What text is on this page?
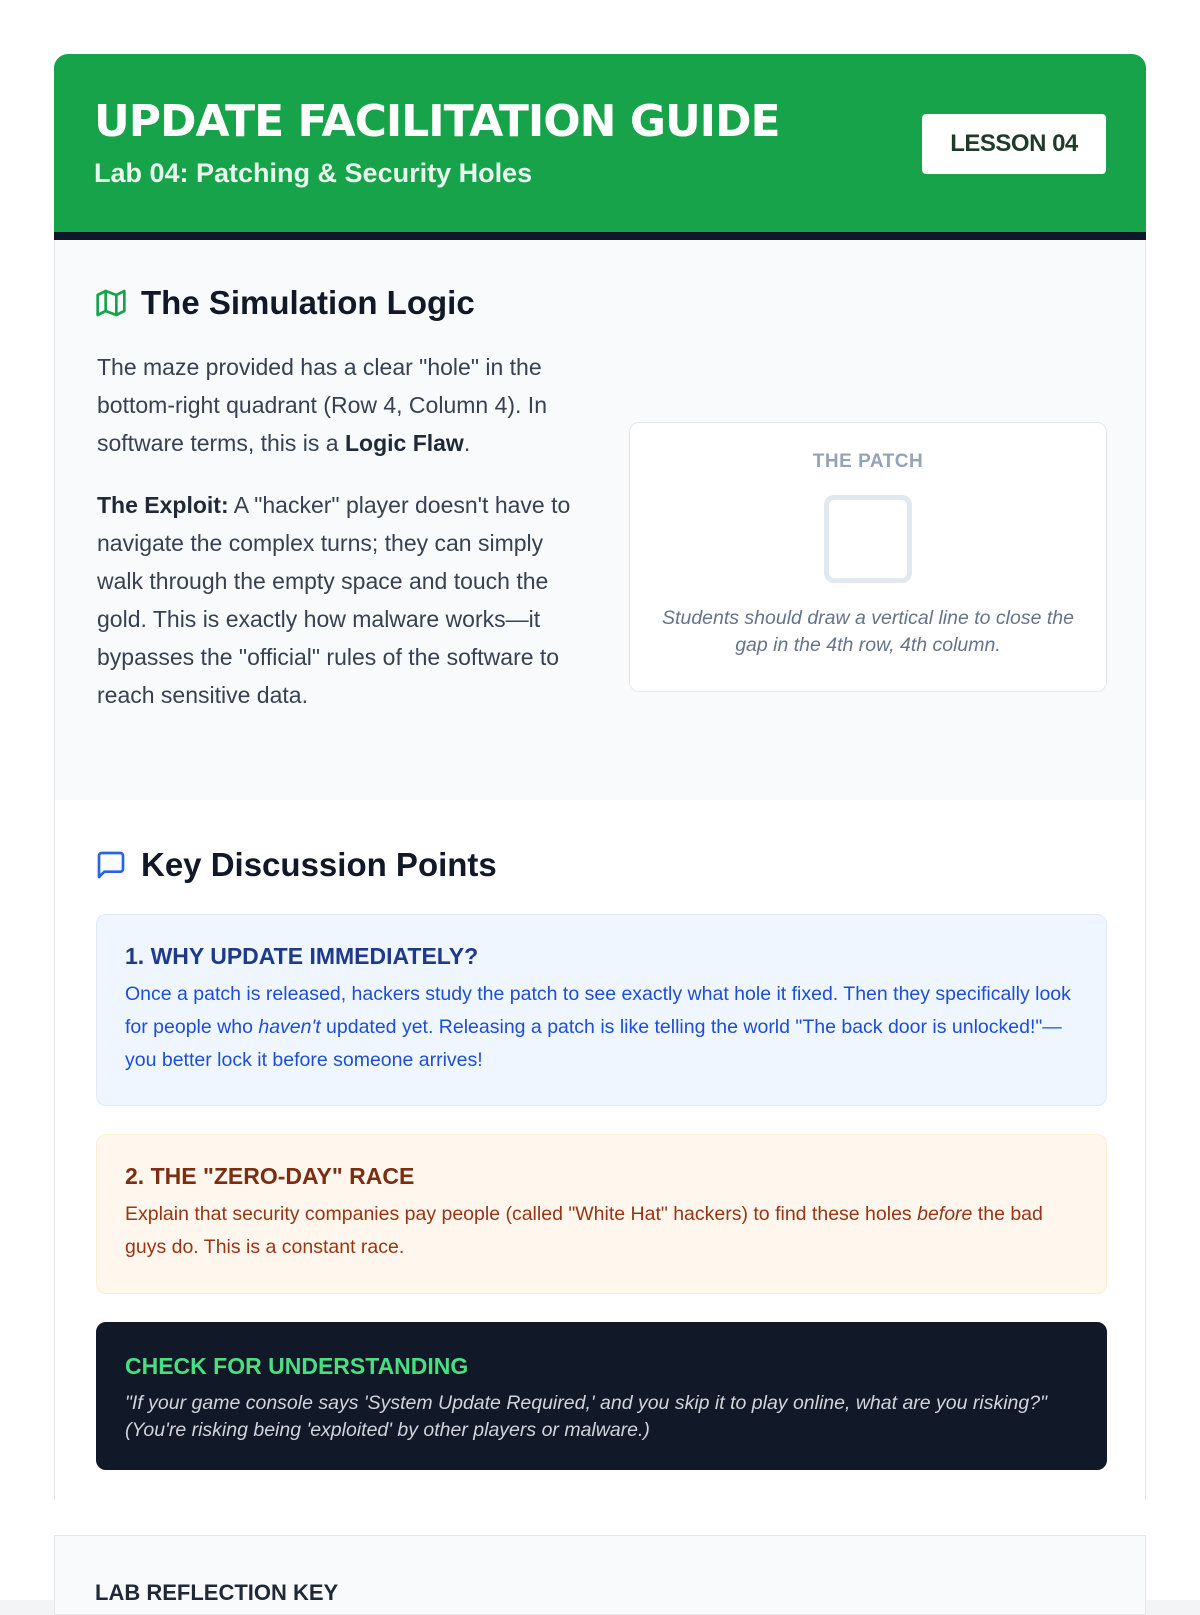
UPDATE FACILITATION GUIDE
Lab 04: Patching & Security Holes
LESSON 04
The Simulation Logic

The maze provided has a clear "hole" in the bottom-right quadrant (Row 4, Column 4). In software terms, this is a Logic Flaw.

The Exploit: A "hacker" player doesn't have to navigate the complex turns; they can simply walk through the empty space and touch the gold. This is exactly how malware works—it bypasses the "official" rules of the software to reach sensitive data.

THE PATCH
Students should draw a vertical line to close the gap in the 4th row, 4th column.
Key Discussion Points
1. WHY UPDATE IMMEDIATELY?

Once a patch is released, hackers study the patch to see exactly what hole it fixed. Then they specifically look for people who haven't updated yet. Releasing a patch is like telling the world "The back door is unlocked!"—you better lock it before someone arrives!

2. THE "ZERO-DAY" RACE

Explain that security companies pay people (called "White Hat" hackers) to find these holes before the bad guys do. This is a constant race.

CHECK FOR UNDERSTANDING

"If your game console says 'System Update Required,' and you skip it to play online, what are you risking?" (You're risking being 'exploited' by other players or malware.)

LAB REFLECTION KEY
